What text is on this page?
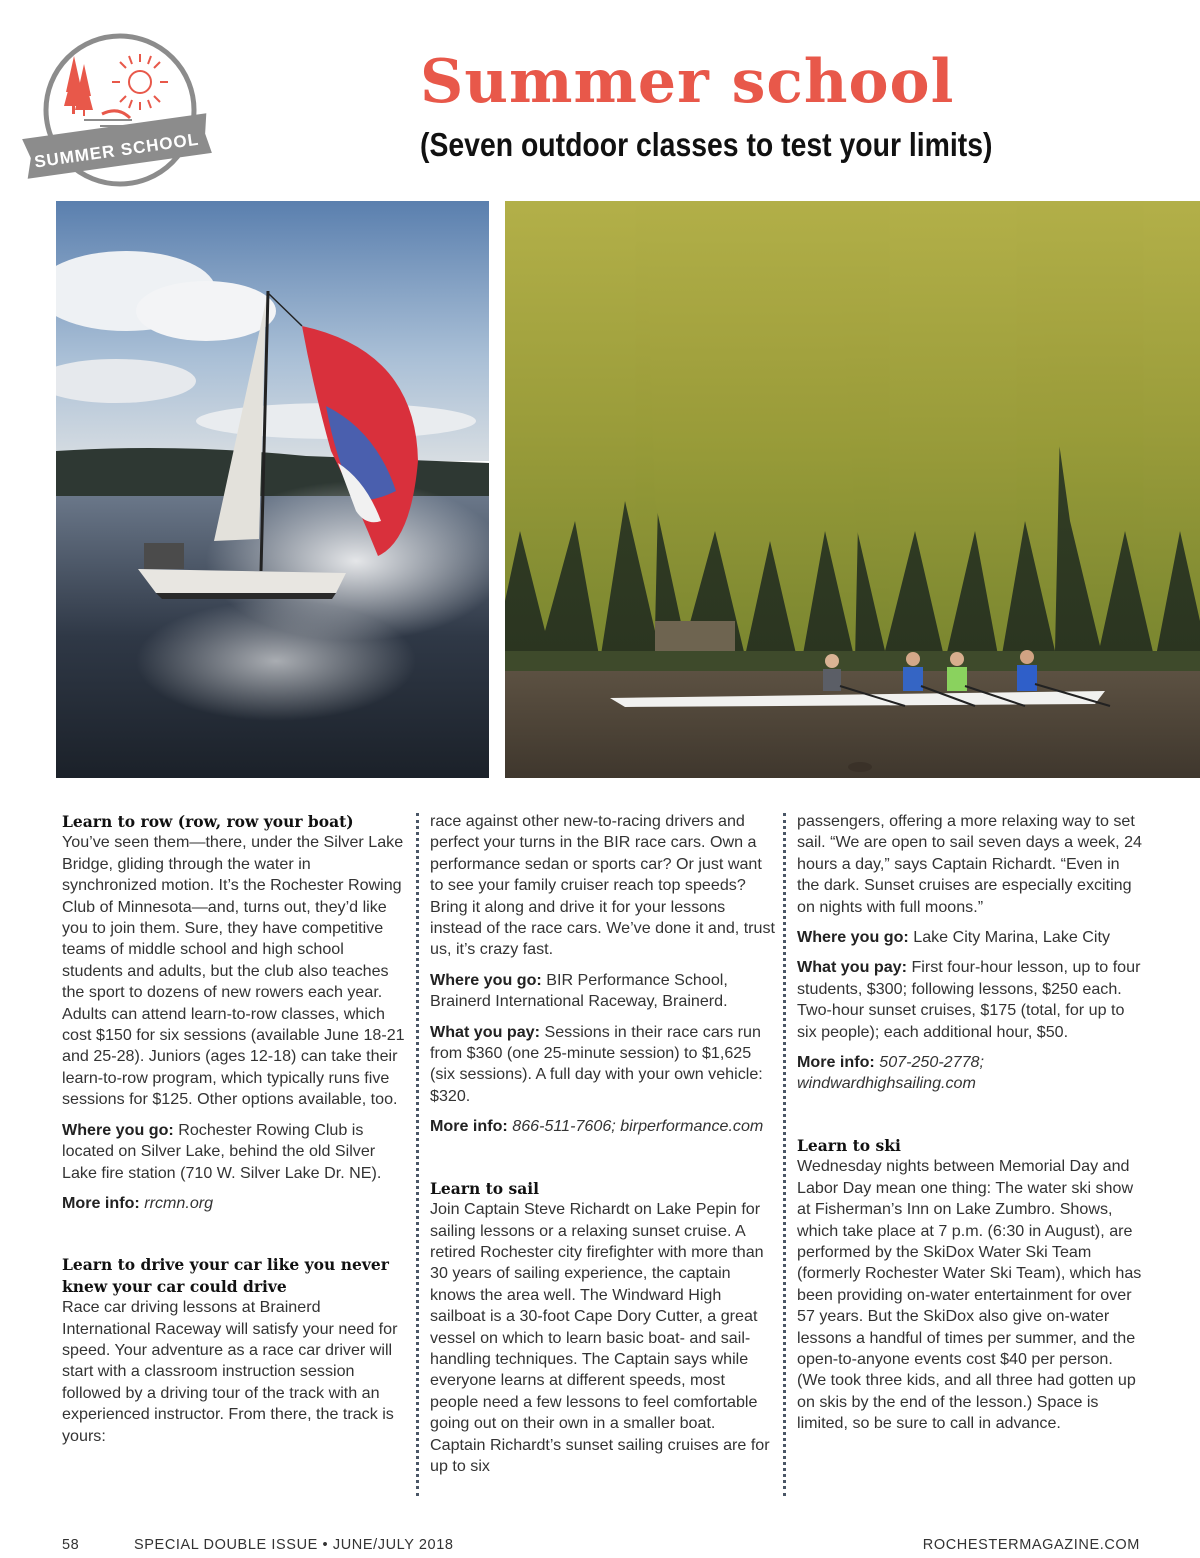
SUMMER SCHOOL
Summer school
(Seven outdoor classes to test your limits)
Learn to row (row, row your boat)

You’ve seen them—there, under the Silver Lake Bridge, gliding through the water in synchronized motion. It’s the Rochester Rowing Club of Minnesota—and, turns out, they’d like you to join them. Sure, they have competitive teams of middle school and high school students and adults, but the club also teaches the sport to dozens of new rowers each year. Adults can attend learn-to-row classes, which cost $150 for six sessions (available June 18-21 and 25-28). Juniors (ages 12-18) can take their learn-to-row program, which typically runs five sessions for $125. Other options available, too.

Where you go: Rochester Rowing Club is located on Silver Lake, behind the old Silver Lake fire station (710 W. Silver Lake Dr. NE).

More info: rrcmn.org

Learn to drive your car like you never knew your car could drive

Race car driving lessons at Brainerd International Raceway will satisfy your need for speed. Your adventure as a race car driver will start with a classroom instruction session followed by a driving tour of the track with an experienced instructor. From there, the track is yours:

race against other new-to-racing drivers and perfect your turns in the BIR race cars. Own a performance sedan or sports car? Or just want to see your family cruiser reach top speeds? Bring it along and drive it for your lessons instead of the race cars. We’ve done it and, trust us, it’s crazy fast.

Where you go: BIR Performance School, Brainerd International Raceway, Brainerd.

What you pay: Sessions in their race cars run from $360 (one 25-minute session) to $1,625 (six sessions). A full day with your own vehicle: $320.

More info: 866-511-7606; birperformance.com

Learn to sail

Join Captain Steve Richardt on Lake Pepin for sailing lessons or a relaxing sunset cruise. A retired Rochester city firefighter with more than 30 years of sailing experience, the captain knows the area well. The Windward High sailboat is a 30-foot Cape Dory Cutter, a great vessel on which to learn basic boat- and sail-handling techniques. The Captain says while everyone learns at different speeds, most people need a few lessons to feel comfortable going out on their own in a smaller boat. Captain Richardt’s sunset sailing cruises are for up to six

passengers, offering a more relaxing way to set sail. “We are open to sail seven days a week, 24 hours a day,” says Captain Richardt. “Even in the dark. Sunset cruises are especially exciting on nights with full moons.”

Where you go: Lake City Marina, Lake City

What you pay: First four-hour lesson, up to four students, $300; following lessons, $250 each. Two-hour sunset cruises, $175 (total, for up to six people); each additional hour, $50.

More info: 507-250-2778; windwardhighsailing.com

Learn to ski

Wednesday nights between Memorial Day and Labor Day mean one thing: The water ski show at Fisherman’s Inn on Lake Zumbro. Shows, which take place at 7 p.m. (6:30 in August), are performed by the SkiDox Water Ski Team (formerly Rochester Water Ski Team), which has been providing on-water entertainment for over 57 years. But the SkiDox also give on-water lessons a handful of times per summer, and the open-to-anyone events cost $40 per person. (We took three kids, and all three had gotten up on skis by the end of the lesson.) Space is limited, so be sure to call in advance.

58	SPECIAL DOUBLE ISSUE • JUNE/JULY 2018	ROCHESTERMAGAZINE.COM
